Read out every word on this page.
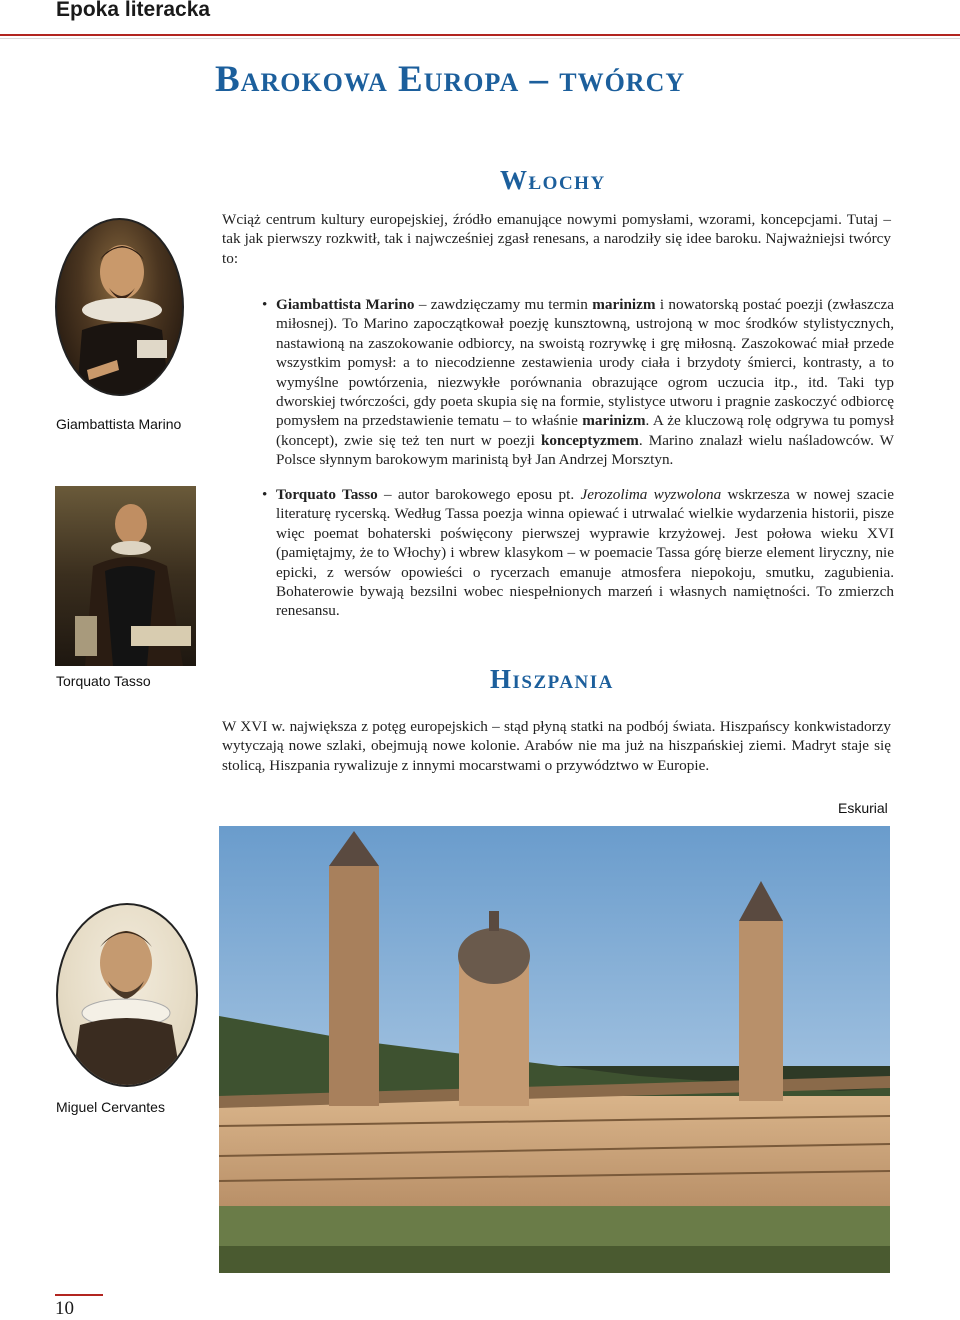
Epoka literacka
Barokowa Europa – twórcy
Włochy

Wciąż centrum kultury europejskiej, źródło emanujące nowymi pomysłami, wzorami, koncepcjami. Tutaj – tak jak pierwszy rozkwitł, tak i najwcześniej zgasł renesans, a narodziły się idee baroku. Najważniejsi twórcy to:

Giambattista Marino
• Giambattista Marino – zawdzięczamy mu termin marinizm i nowatorską postać poezji (zwłaszcza miłosnej). To Marino zapoczątkował poezję kunsztowną, ustrojoną w moc środków stylistycznych, nastawioną na zaszokowanie odbiorcy, na swoistą rozrywkę i grę miłosną. Zaszokować miał przede wszystkim pomysł: a to niecodzienne zestawienia urody ciała i brzydoty śmierci, kontrasty, a to wymyślne powtórzenia, niezwykłe porównania obrazujące ogrom uczucia itp., itd. Taki typ dworskiej twórczości, gdy poeta skupia się na formie, stylistyce utworu i pragnie zaskoczyć odbiorcę pomysłem na przedstawienie tematu – to właśnie marinizm. A że kluczową rolę odgrywa tu pomysł (koncept), zwie się też ten nurt w poezji konceptyzmem. Marino znalazł wielu naśladowców. W Polsce słynnym barokowym marinistą był Jan Andrzej Morsztyn.

Torquato Tasso
• Torquato Tasso – autor barokowego eposu pt. Jerozolima wyzwolona wskrzesza w nowej szacie literaturę rycerską. Według Tassa poezja winna opiewać i utrwalać wielkie wydarzenia historii, pisze więc poemat bohaterski poświęcony pierwszej wyprawie krzyżowej. Jest połowa wieku XVI (pamiętajmy, że to Włochy) i wbrew klasykom – w poemacie Tassa górę bierze element liryczny, nie epicki, z wersów opowieści o rycerzach emanuje atmosfera niepokoju, smutku, zagubienia. Bohaterowie bywają bezsilni wobec niespełnionych marzeń i własnych namiętności. To zmierzch renesansu.

Hiszpania

W XVI w. największa z potęg europejskich – stąd płyną statki na podbój świata. Hiszpańscy konkwistadorzy wytyczają nowe szlaki, obejmują nowe kolonie. Arabów nie ma już na hiszpańskiej ziemi. Madryt staje się stolicą, Hiszpania rywalizuje z innymi mocarstwami o przywództwo w Europie.

Eskurial
Miguel Cervantes
10
